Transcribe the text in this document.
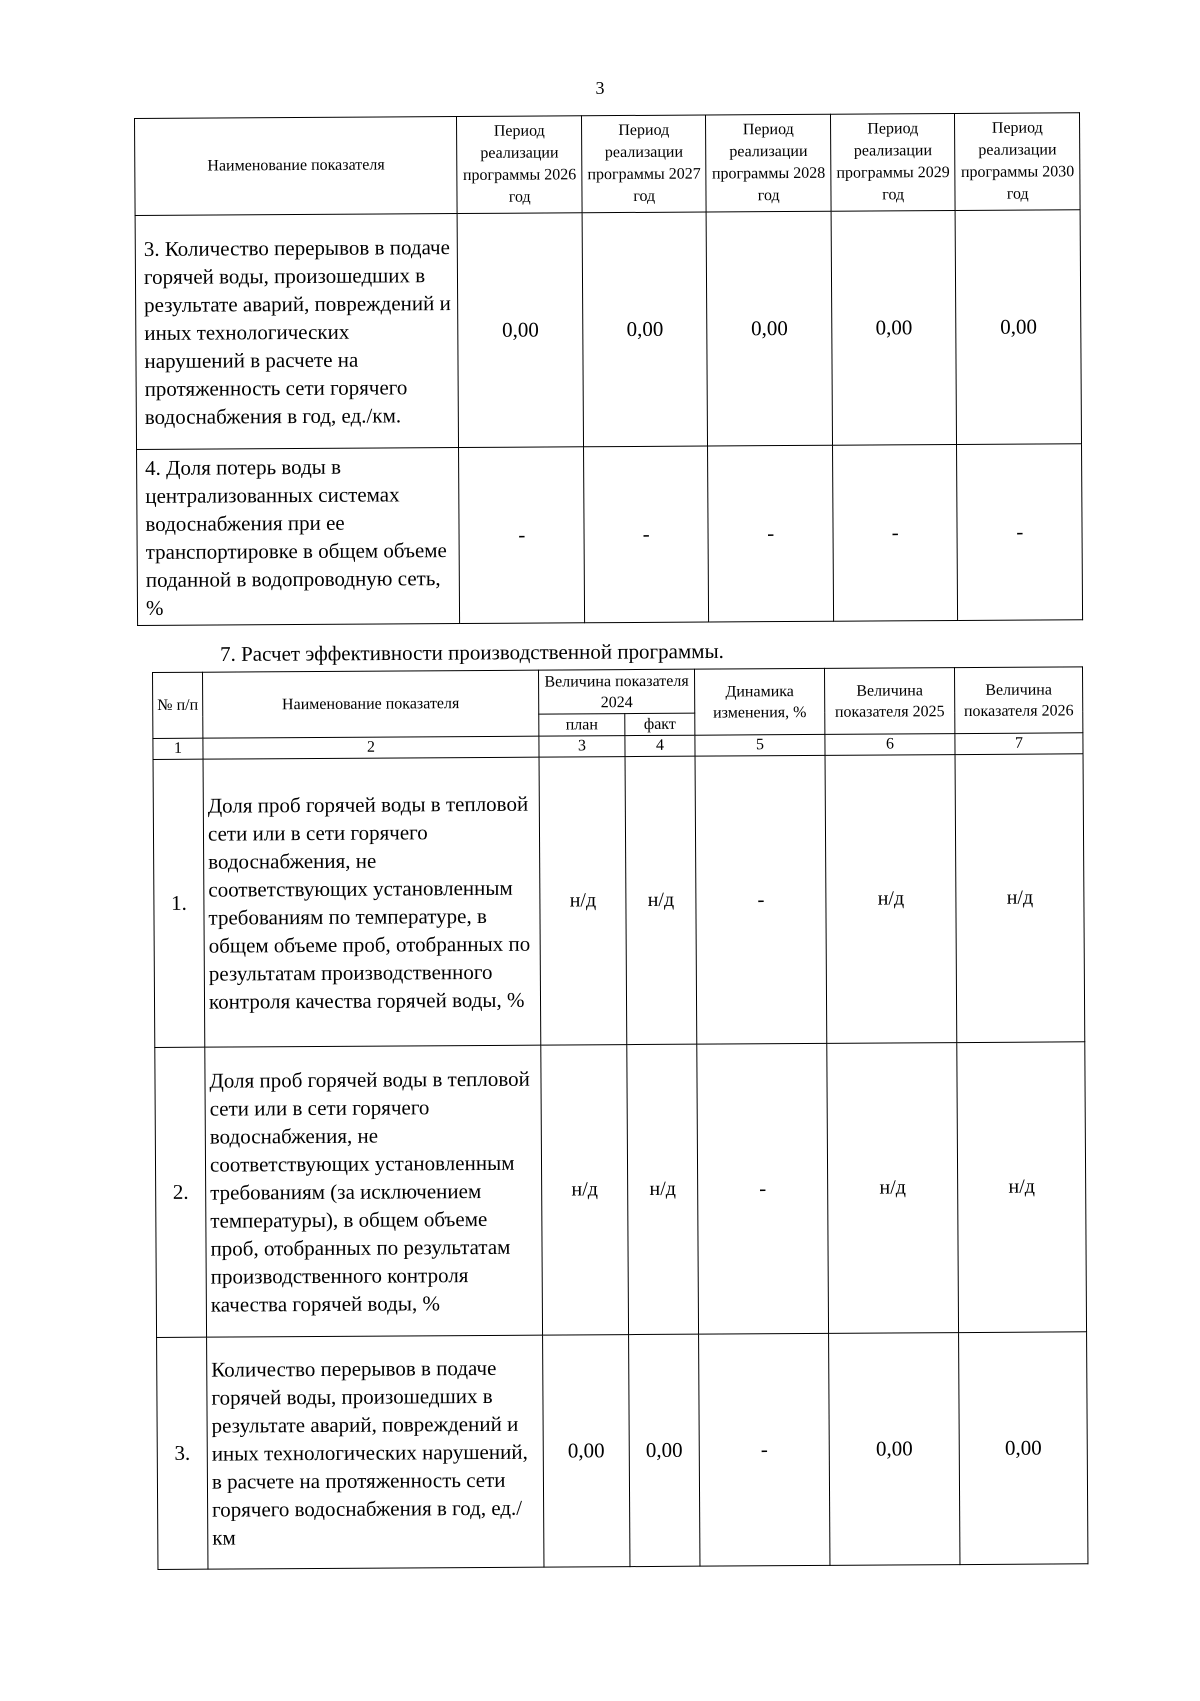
3
Наименование показателя	Период реализации программы 2026 год	Период реализации программы 2027 год	Период реализации программы 2028 год	Период реализации программы 2029 год	Период реализации программы 2030 год
3. Количество перерывов в подаче горячей воды, произошедших в результате аварий, повреждений и иных технологических нарушений в расчете на протяженность сети горячего водоснабжения в год, ед./км.	0,00	0,00	0,00	0,00	0,00
4. Доля потерь воды в централизованных системах водоснабжения при ее транспортировке в общем объеме поданной в водопроводную сеть, %	-	-	-	-	-
7. Расчет эффективности производственной программы.
№ п/п	Наименование показателя	Величина показателя 2024		Динамика изменения, %	Величина показателя 2025	Величина показателя 2026
		план	факт			
1	2	3	4	5	6	7
1.	Доля проб горячей воды в тепловой сети или в сети горячего водоснабжения, не соответствующих установленным требованиям по температуре, в общем объеме проб, отобранных по результатам производственного контроля качества горячей воды, %	н/д	н/д	-	н/д	н/д
2.	Доля проб горячей воды в тепловой сети или в сети горячего водоснабжения, не соответствующих установленным требованиям (за исключением температуры), в общем объеме проб, отобранных по результатам производственного контроля качества горячей воды, %	н/д	н/д	-	н/д	н/д
3.	Количество перерывов в подаче горячей воды, произошедших в результате аварий, повреждений и иных технологических нарушений, в расчете на протяженность сети горячего водоснабжения в год, ед./км	0,00	0,00	-	0,00	0,00
